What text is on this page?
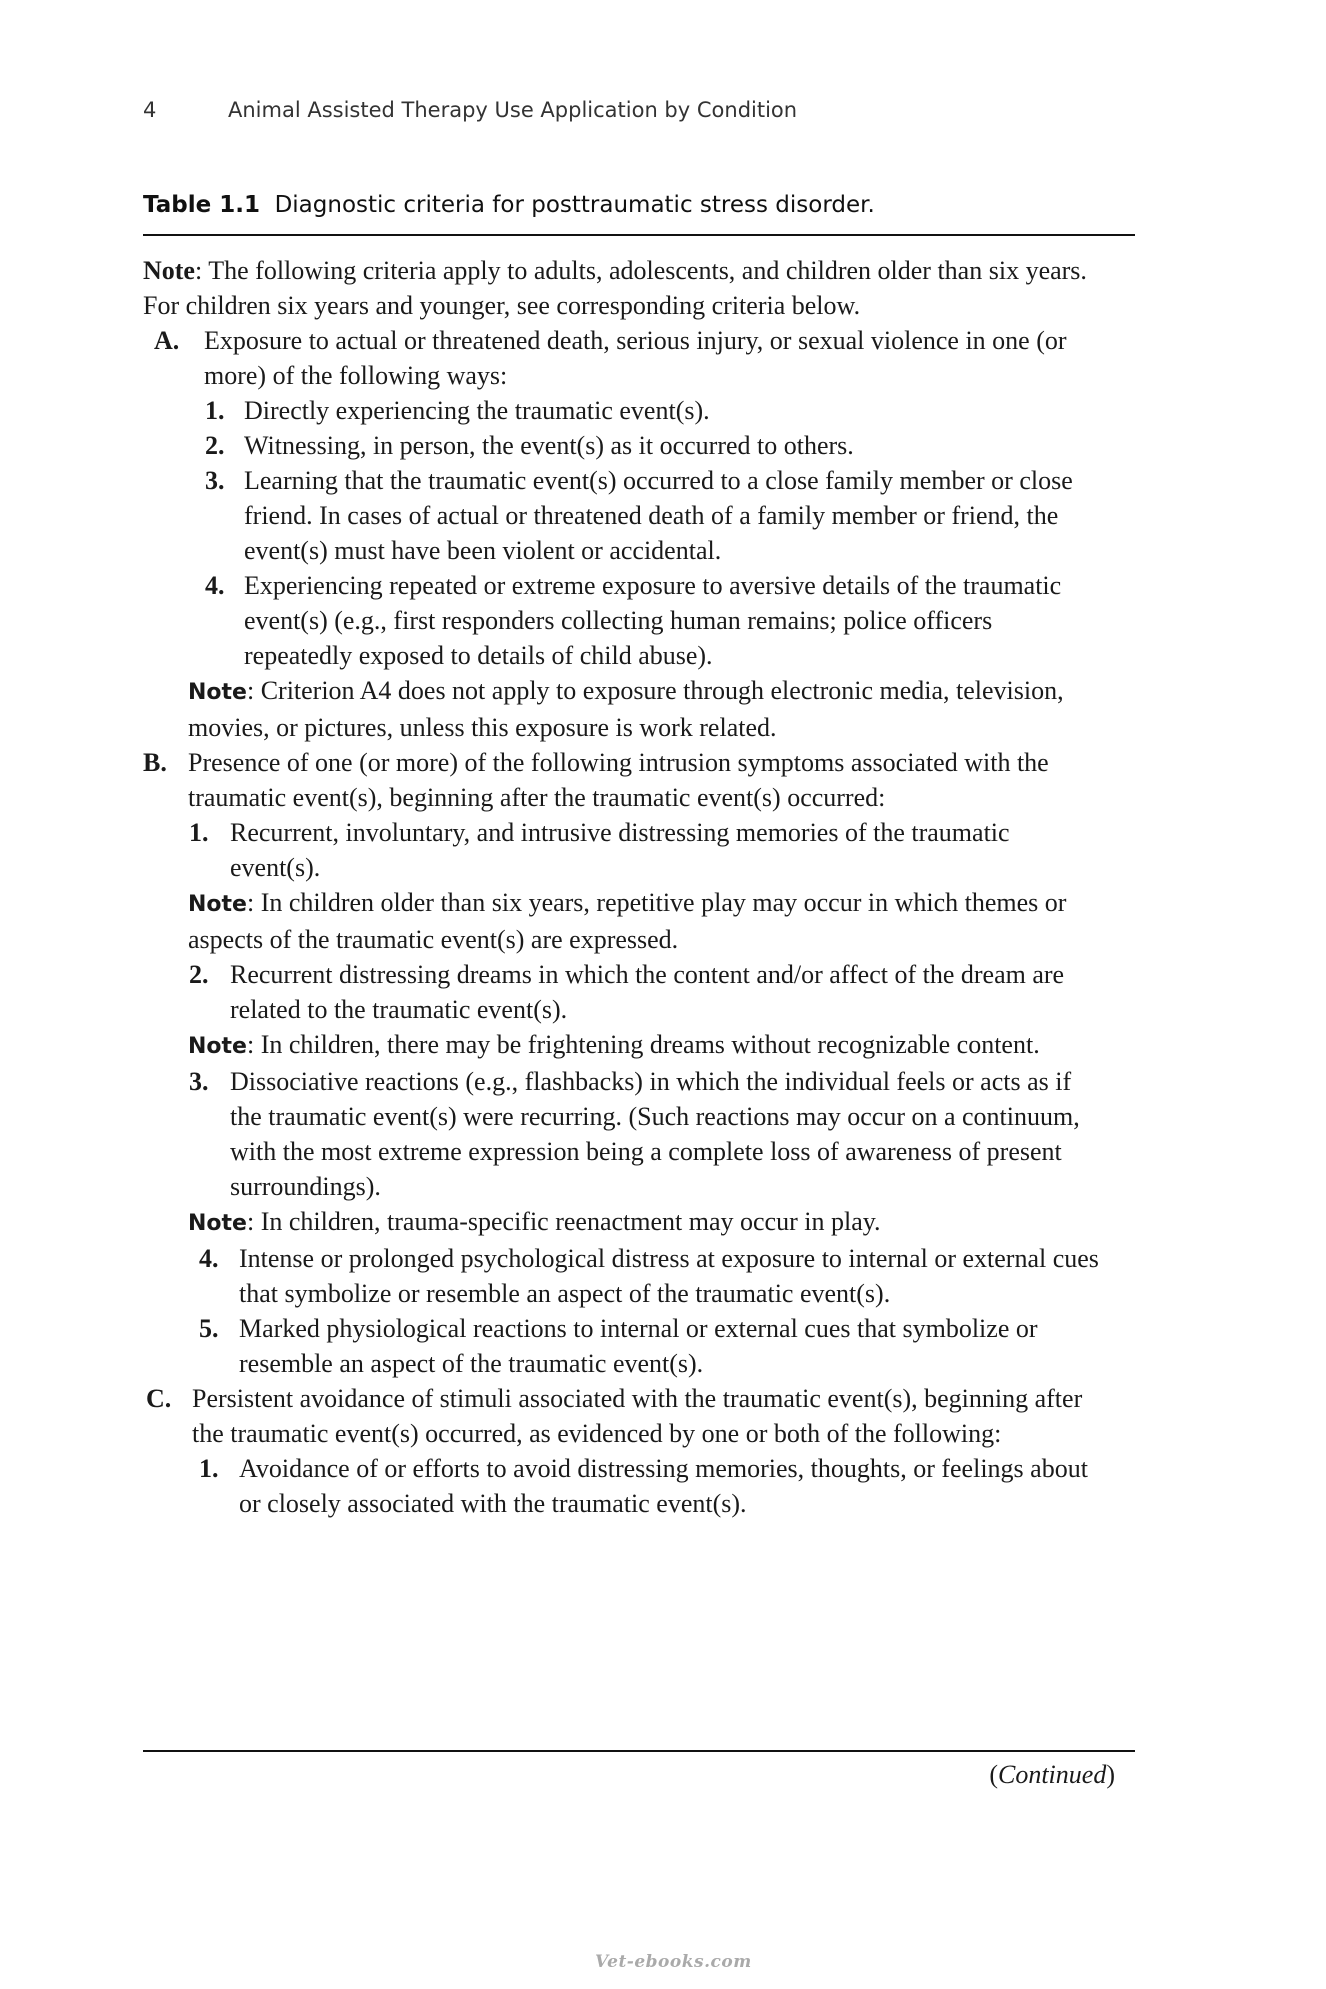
4	Animal Assisted Therapy Use Application by Condition
Table 1.1 Diagnostic criteria for posttraumatic stress disorder.

Note: The following criteria apply to adults, adolescents, and children older than six years. For children six years and younger, see corresponding criteria below.

A. Exposure to actual or threatened death, serious injury, or sexual violence in one (or more) of the following ways:
1. Directly experiencing the traumatic event(s).
2. Witnessing, in person, the event(s) as it occurred to others.
3. Learning that the traumatic event(s) occurred to a close family member or close friend. In cases of actual or threatened death of a family member or friend, the event(s) must have been violent or accidental.
4. Experiencing repeated or extreme exposure to aversive details of the traumatic event(s) (e.g., first responders collecting human remains; police officers repeatedly exposed to details of child abuse).

Note: Criterion A4 does not apply to exposure through electronic media, television, movies, or pictures, unless this exposure is work related.

B. Presence of one (or more) of the following intrusion symptoms associated with the traumatic event(s), beginning after the traumatic event(s) occurred:
1. Recurrent, involuntary, and intrusive distressing memories of the traumatic event(s).

Note: In children older than six years, repetitive play may occur in which themes or aspects of the traumatic event(s) are expressed.

2. Recurrent distressing dreams in which the content and/or affect of the dream are related to the traumatic event(s).

Note: In children, there may be frightening dreams without recognizable content.

3. Dissociative reactions (e.g., flashbacks) in which the individual feels or acts as if the traumatic event(s) were recurring. (Such reactions may occur on a continuum, with the most extreme expression being a complete loss of awareness of present surroundings).

Note: In children, trauma-specific reenactment may occur in play.

4. Intense or prolonged psychological distress at exposure to internal or external cues that symbolize or resemble an aspect of the traumatic event(s).
5. Marked physiological reactions to internal or external cues that symbolize or resemble an aspect of the traumatic event(s).
C. Persistent avoidance of stimuli associated with the traumatic event(s), beginning after the traumatic event(s) occurred, as evidenced by one or both of the following:
1. Avoidance of or efforts to avoid distressing memories, thoughts, or feelings about or closely associated with the traumatic event(s).
(Continued)
Vet-ebooks.com
